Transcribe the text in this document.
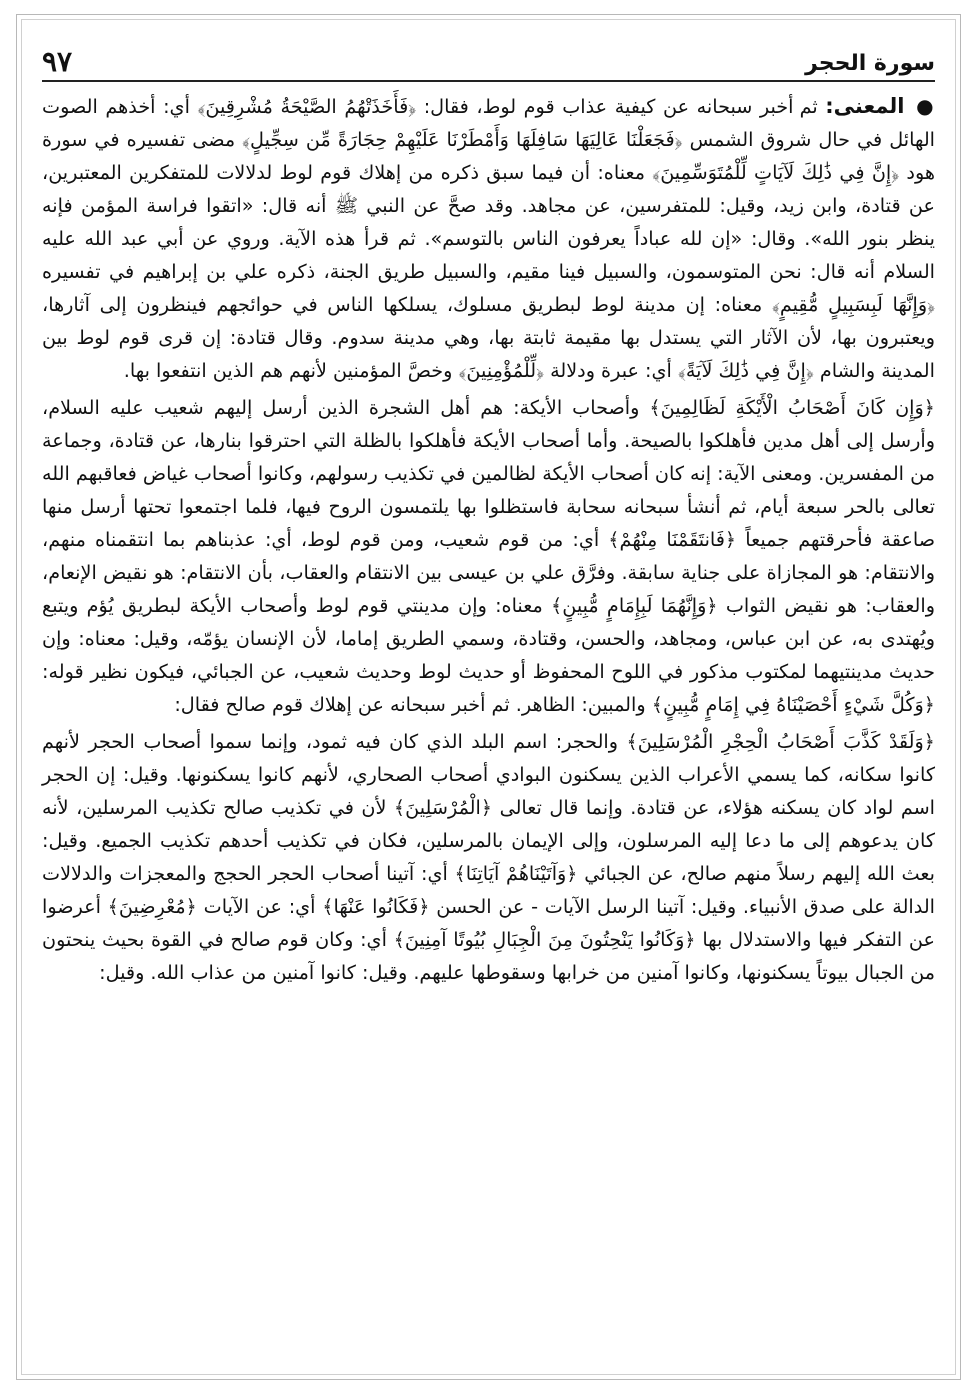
سورة الحجر
٩٧

● المعنى: ثم أخبر سبحانه عن كيفية عذاب قوم لوط، فقال: ﴿فَأَخَذَتْهُمُ الصَّيْحَةُ مُشْرِقِينَ﴾ أي: أخذهم الصوت الهائل في حال شروق الشمس ﴿فَجَعَلْنَا عَالِيَهَا سَافِلَهَا وَأَمْطَرْنَا عَلَيْهِمْ حِجَارَةً مِّن سِجِّيلٍ﴾ مضى تفسيره في سورة هود ﴿إِنَّ فِي ذَٰلِكَ لَآيَاتٍ لِّلْمُتَوَسِّمِينَ﴾ معناه: أن فيما سبق ذكره من إهلاك قوم لوط لدلالات للمتفكرين المعتبرين، عن قتادة، وابن زيد، وقيل: للمتفرسين، عن مجاهد. وقد صحَّ عن النبي ﷺ أنه قال: «اتقوا فراسة المؤمن فإنه ينظر بنور الله». وقال: «إن لله عباداً يعرفون الناس بالتوسم». ثم قرأ هذه الآية. وروي عن أبي عبد الله عليه السلام أنه قال: نحن المتوسمون، والسبيل فينا مقيم، والسبيل طريق الجنة، ذكره علي بن إبراهيم في تفسيره ﴿وَإِنَّهَا لَبِسَبِيلٍ مُّقِيمٍ﴾ معناه: إن مدينة لوط لبطريق مسلوك، يسلكها الناس في حوائجهم فينظرون إلى آثارها، ويعتبرون بها، لأن الآثار التي يستدل بها مقيمة ثابتة بها، وهي مدينة سدوم. وقال قتادة: إن قرى قوم لوط بين المدينة والشام ﴿إِنَّ فِي ذَٰلِكَ لَآيَةً﴾ أي: عبرة ودلالة ﴿لِّلْمُؤْمِنِينَ﴾ وخصَّ المؤمنين لأنهم هم الذين انتفعوا بها.

﴿وَإِن كَانَ أَصْحَابُ الْأَيْكَةِ لَظَالِمِينَ﴾ وأصحاب الأيكة: هم أهل الشجرة الذين أرسل إليهم شعيب عليه السلام، وأرسل إلى أهل مدين فأهلكوا بالصيحة. وأما أصحاب الأيكة فأهلكوا بالظلة التي احترقوا بنارها، عن قتادة، وجماعة من المفسرين. ومعنى الآية: إنه كان أصحاب الأيكة لظالمين في تكذيب رسولهم، وكانوا أصحاب غياض فعاقبهم الله تعالى بالحر سبعة أيام، ثم أنشأ سبحانه سحابة فاستظلوا بها يلتمسون الروح فيها، فلما اجتمعوا تحتها أرسل منها صاعقة فأحرقتهم جميعاً ﴿فَانتَقَمْنَا مِنْهُمْ﴾ أي: من قوم شعيب، ومن قوم لوط، أي: عذبناهم بما انتقمناه منهم، والانتقام: هو المجازاة على جناية سابقة. وفرَّق علي بن عيسى بين الانتقام والعقاب، بأن الانتقام: هو نقيض الإنعام، والعقاب: هو نقيض الثواب ﴿وَإِنَّهُمَا لَبِإِمَامٍ مُّبِينٍ﴾ معناه: وإن مدينتي قوم لوط وأصحاب الأيكة لبطريق يُؤم ويتبع ويُهتدى به، عن ابن عباس، ومجاهد، والحسن، وقتادة، وسمي الطريق إماما، لأن الإنسان يؤمّه، وقيل: معناه: وإن حديث مدينتيهما لمكتوب مذكور في اللوح المحفوظ أو حديث لوط وحديث شعيب، عن الجبائي، فيكون نظير قوله: ﴿وَكُلَّ شَيْءٍ أَحْصَيْنَاهُ فِي إِمَامٍ مُّبِينٍ﴾ والمبين: الظاهر. ثم أخبر سبحانه عن إهلاك قوم صالح فقال:

﴿وَلَقَدْ كَذَّبَ أَصْحَابُ الْحِجْرِ الْمُرْسَلِينَ﴾ والحجر: اسم البلد الذي كان فيه ثمود، وإنما سموا أصحاب الحجر لأنهم كانوا سكانه، كما يسمي الأعراب الذين يسكنون البوادي أصحاب الصحاري، لأنهم كانوا يسكنونها. وقيل: إن الحجر اسم لواد كان يسكنه هؤلاء، عن قتادة. وإنما قال تعالى ﴿الْمُرْسَلِينَ﴾ لأن في تكذيب صالح تكذيب المرسلين، لأنه كان يدعوهم إلى ما دعا إليه المرسلون، وإلى الإيمان بالمرسلين، فكان في تكذيب أحدهم تكذيب الجميع. وقيل: بعث الله إليهم رسلاً منهم صالح، عن الجبائي ﴿وَآتَيْنَاهُمْ آيَاتِنَا﴾ أي: آتينا أصحاب الحجر الحجج والمعجزات والدلالات الدالة على صدق الأنبياء. وقيل: آتينا الرسل الآيات - عن الحسن ﴿فَكَانُوا عَنْهَا﴾ أي: عن الآيات ﴿مُعْرِضِينَ﴾ أعرضوا عن التفكر فيها والاستدلال بها ﴿وَكَانُوا يَنْحِتُونَ مِنَ الْجِبَالِ بُيُوتًا آمِنِينَ﴾ أي: وكان قوم صالح في القوة بحيث ينحتون من الجبال بيوتاً يسكنونها، وكانوا آمنين من خرابها وسقوطها عليهم. وقيل: كانوا آمنين من عذاب الله. وقيل:
